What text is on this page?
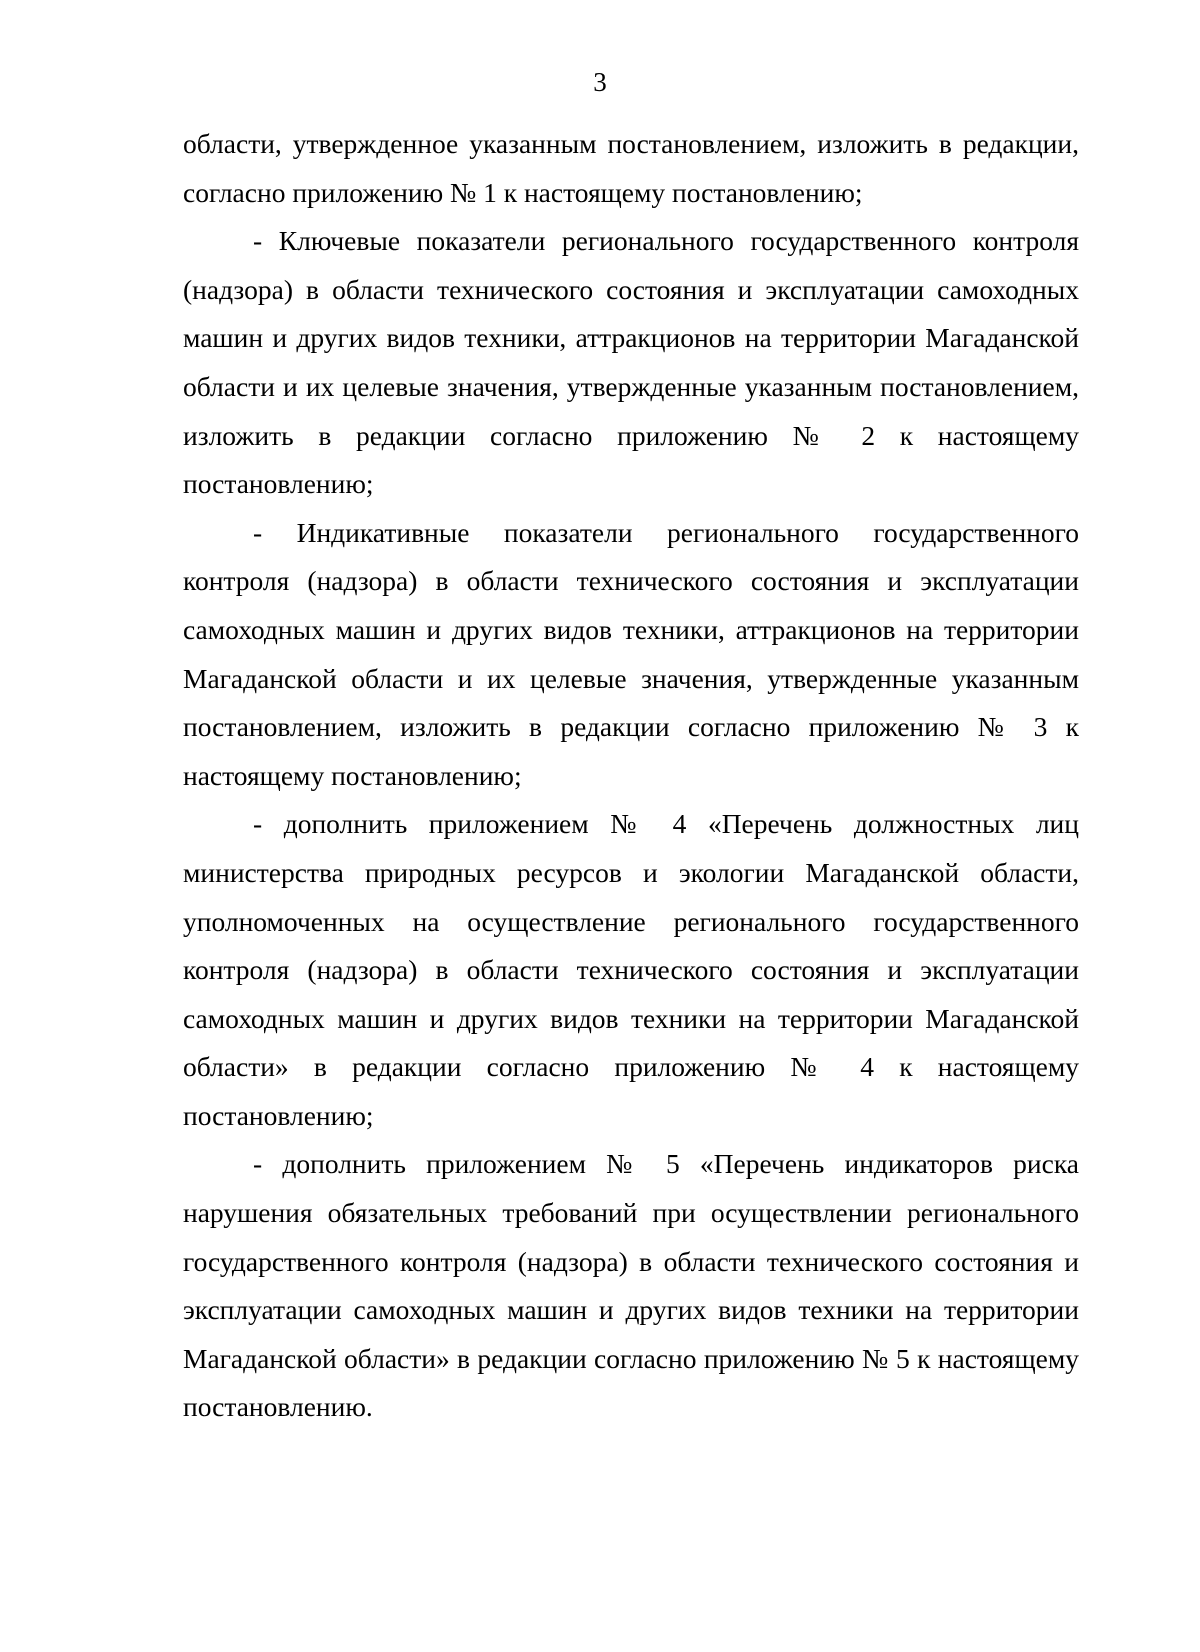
3

области, утвержденное указанным постановлением, изложить в редакции, согласно приложению № 1 к настоящему постановлению;

- Ключевые показатели регионального государственного контроля (надзора) в области технического состояния и эксплуатации самоходных машин и других видов техники, аттракционов на территории Магаданской области и их целевые значения, утвержденные указанным постановлением, изложить в редакции согласно приложению № 2 к настоящему постановлению;

- Индикативные показатели регионального государственного контроля (надзора) в области технического состояния и эксплуатации самоходных машин и других видов техники, аттракционов на территории Магаданской области и их целевые значения, утвержденные указанным постановлением, изложить в редакции согласно приложению № 3 к настоящему постановлению;

- дополнить приложением № 4 «Перечень должностных лиц министерства природных ресурсов и экологии Магаданской области, уполномоченных на осуществление регионального государственного контроля (надзора) в области технического состояния и эксплуатации самоходных машин и других видов техники на территории Магаданской области» в редакции согласно приложению № 4 к настоящему постановлению;

- дополнить приложением № 5 «Перечень индикаторов риска нарушения обязательных требований при осуществлении регионального государственного контроля (надзора) в области технического состояния и эксплуатации самоходных машин и других видов техники на территории Магаданской области» в редакции согласно приложению № 5 к настоящему постановлению.
